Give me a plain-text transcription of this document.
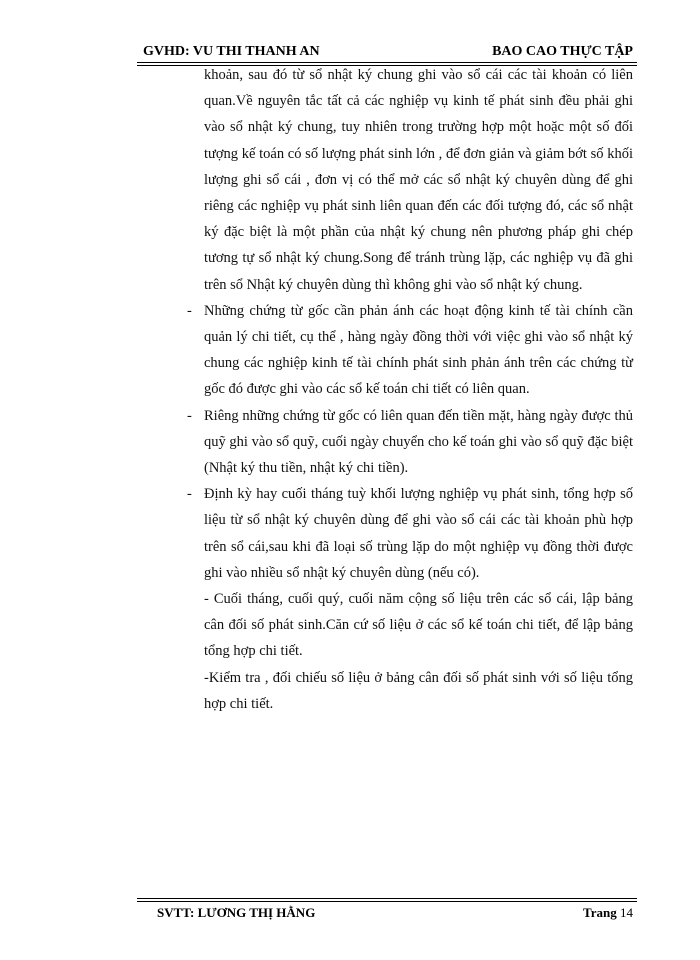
GVHD: VU THI THANH AN	BAO CAO THỰC TẬP

khoản, sau đó từ sổ nhật ký chung ghi vào sổ cái các tài khoản có liên quan.Về nguyên tắc tất cả các nghiệp vụ kinh tế phát sinh đều phải ghi vào sổ nhật ký chung, tuy nhiên trong trường hợp một hoặc một số đối tượng kế toán có số lượng phát sinh lớn , để đơn giản và giảm bớt số khối lượng ghi sổ cái , đơn vị có thể mở các sổ nhật ký chuyên dùng để ghi riêng các nghiệp vụ phát sinh liên quan đến các đối tượng đó, các sổ nhật ký đặc biệt là một phần của nhật ký chung nên phương pháp ghi chép tương tự sổ nhật ký chung.Song để tránh trùng lặp, các nghiệp vụ đã ghi trên sổ Nhật ký chuyên dùng thì không ghi vào sổ nhật ký chung.

- Những chứng từ gốc cần phản ánh các hoạt động kinh tế tài chính cần quản lý chi tiết, cụ thể , hàng ngày đồng thời với việc ghi vào sổ nhật ký chung các nghiệp kinh tế tài chính phát sinh phản ánh trên các chứng từ gốc đó được ghi vào các sổ kế toán chi tiết có liên quan.

- Riêng những chứng từ gốc có liên quan đến tiền mặt, hàng ngày được thủ quỹ ghi vào sổ quỹ, cuối ngày chuyển cho kế toán ghi vào sổ quỹ đặc biệt (Nhật ký thu tiền, nhật ký chi tiền).

- Định kỳ hay cuối tháng tuỳ khối lượng nghiệp vụ phát sinh, tổng hợp số liệu từ sổ nhật ký chuyên dùng để ghi vào sổ cái các tài khoản phù hợp trên sổ cái,sau khi đã loại số trùng lặp do một nghiệp vụ đồng thời được ghi vào nhiều sổ nhật ký chuyên dùng (nếu có).

- Cuối tháng, cuối quý, cuối năm cộng số liệu trên các sổ cái, lập bảng cân đối số phát sinh.Căn cứ số liệu ở các sổ kế toán chi tiết, để lập bảng tổng hợp chi tiết.

-Kiểm tra , đối chiếu số liệu ở bảng cân đối số phát sinh với số liệu tổng hợp chi tiết.

SVTT: LƯƠNG THỊ HẰNG	Trang 14
